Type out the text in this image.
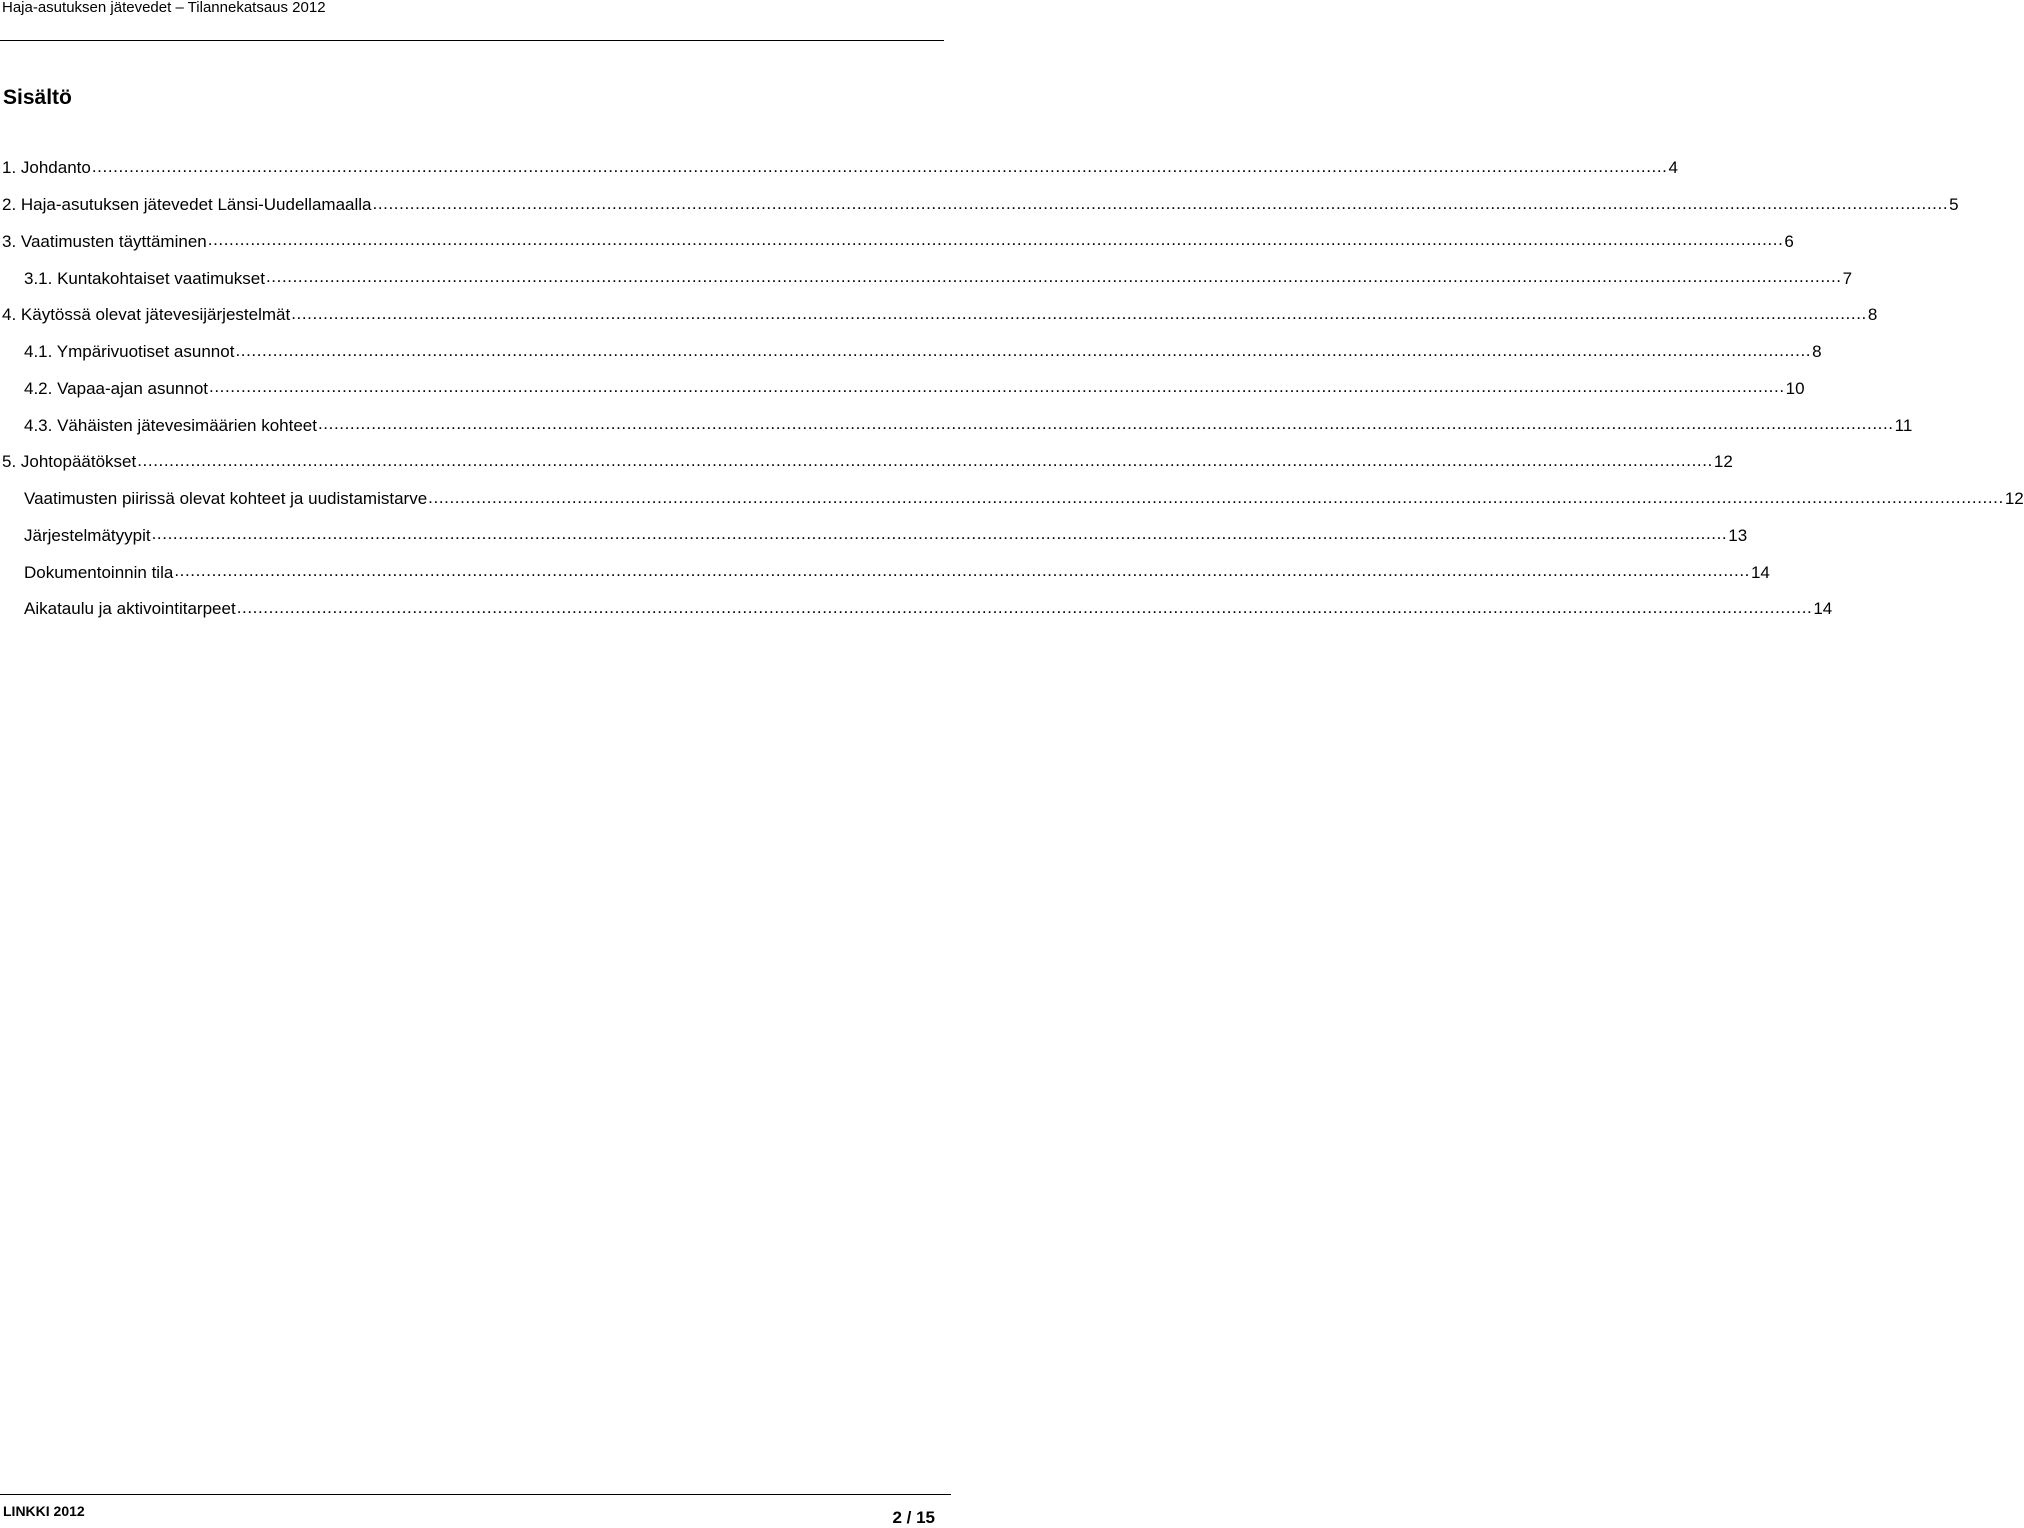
Haja-asutuksen jätevedet – Tilannekatsaus 2012
Sisältö
1. Johdanto .....	4
2. Haja-asutuksen jätevedet Länsi-Uudellamaalla .....	5
3. Vaatimusten täyttäminen .....	6
3.1. Kuntakohtaiset vaatimukset .....	7
4. Käytössä olevat jätevesijärjestelmät .....	8
4.1. Ympärivuotiset asunnot .....	8
4.2. Vapaa-ajan asunnot .....	10
4.3. Vähäisten jätevesimäärien kohteet .....	11
5. Johtopäätökset .....	12
Vaatimusten piirissä olevat kohteet ja uudistamistarve .....	12
Järjestelmätyypit .....	13
Dokumentoinnin tila .....	14
Aikataulu ja aktivointitarpeet .....	14
LINKKI 2012	2 / 15
